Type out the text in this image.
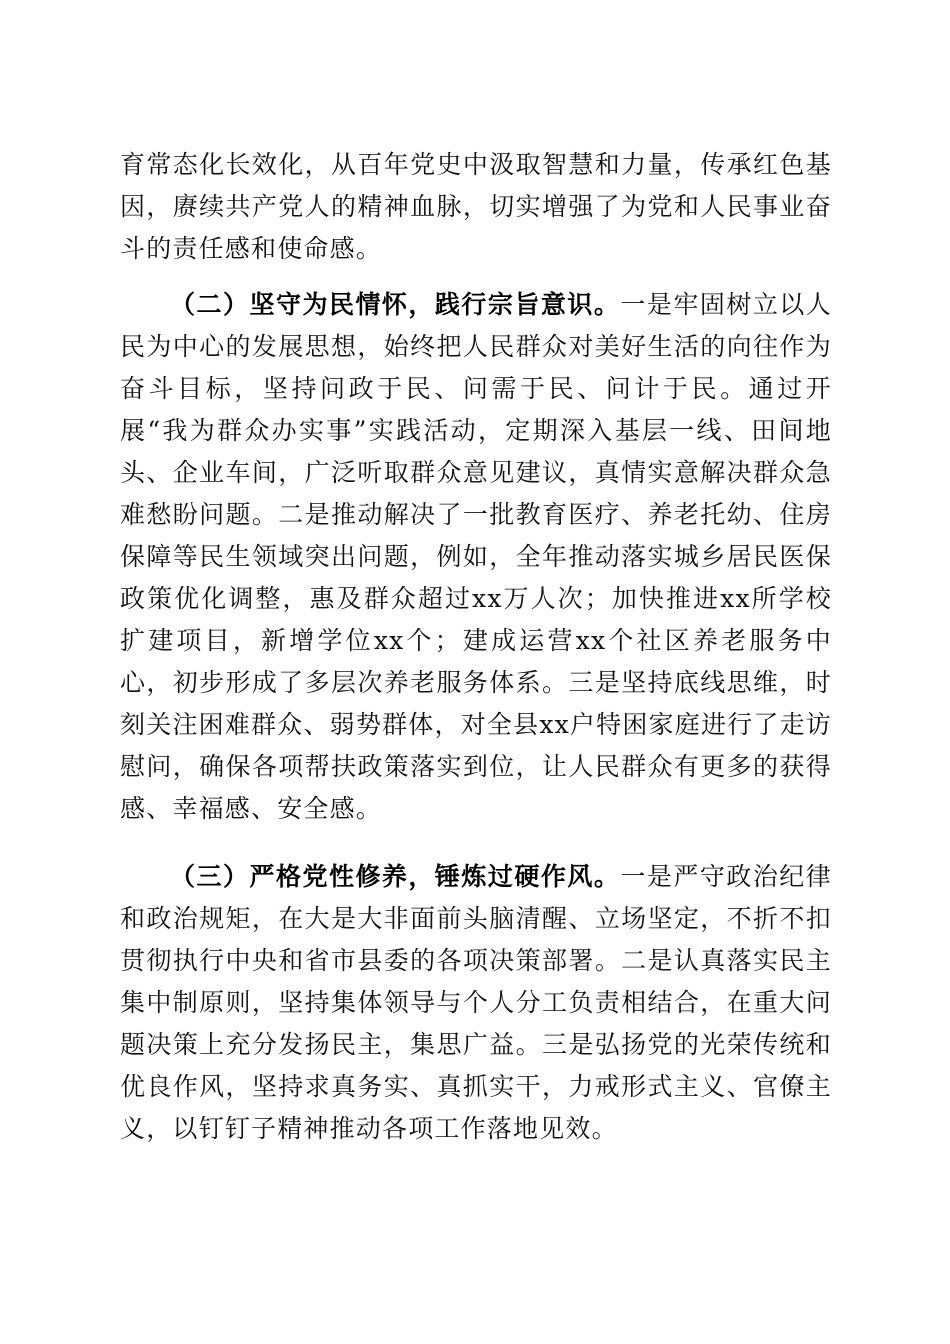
育常态化长效化，从百年党史中汲取智慧和力量，传承红色基因，赓续共产党人的精神血脉，切实增强了为党和人民事业奋斗的责任感和使命感。

（二）坚守为民情怀，践行宗旨意识。一是牢固树立以人民为中心的发展思想，始终把人民群众对美好生活的向往作为奋斗目标，坚持问政于民、问需于民、问计于民。通过开展“我为群众办实事”实践活动，定期深入基层一线、田间地头、企业车间，广泛听取群众意见建议，真情实意解决群众急难愁盼问题。二是推动解决了一批教育医疗、养老托幼、住房保障等民生领域突出问题，例如，全年推动落实城乡居民医保政策优化调整，惠及群众超过xx万人次；加快推进xx所学校扩建项目，新增学位xx个；建成运营xx个社区养老服务中心，初步形成了多层次养老服务体系。三是坚持底线思维，时刻关注困难群众、弱势群体，对全县xx户特困家庭进行了走访慰问，确保各项帮扶政策落实到位，让人民群众有更多的获得感、幸福感、安全感。

（三）严格党性修养，锤炼过硬作风。一是严守政治纪律和政治规矩，在大是大非面前头脑清醒、立场坚定，不折不扣贯彻执行中央和省市县委的各项决策部署。二是认真落实民主集中制原则，坚持集体领导与个人分工负责相结合，在重大问题决策上充分发扬民主，集思广益。三是弘扬党的光荣传统和优良作风，坚持求真务实、真抓实干，力戒形式主义、官僚主义，以钉钉子精神推动各项工作落地见效。
